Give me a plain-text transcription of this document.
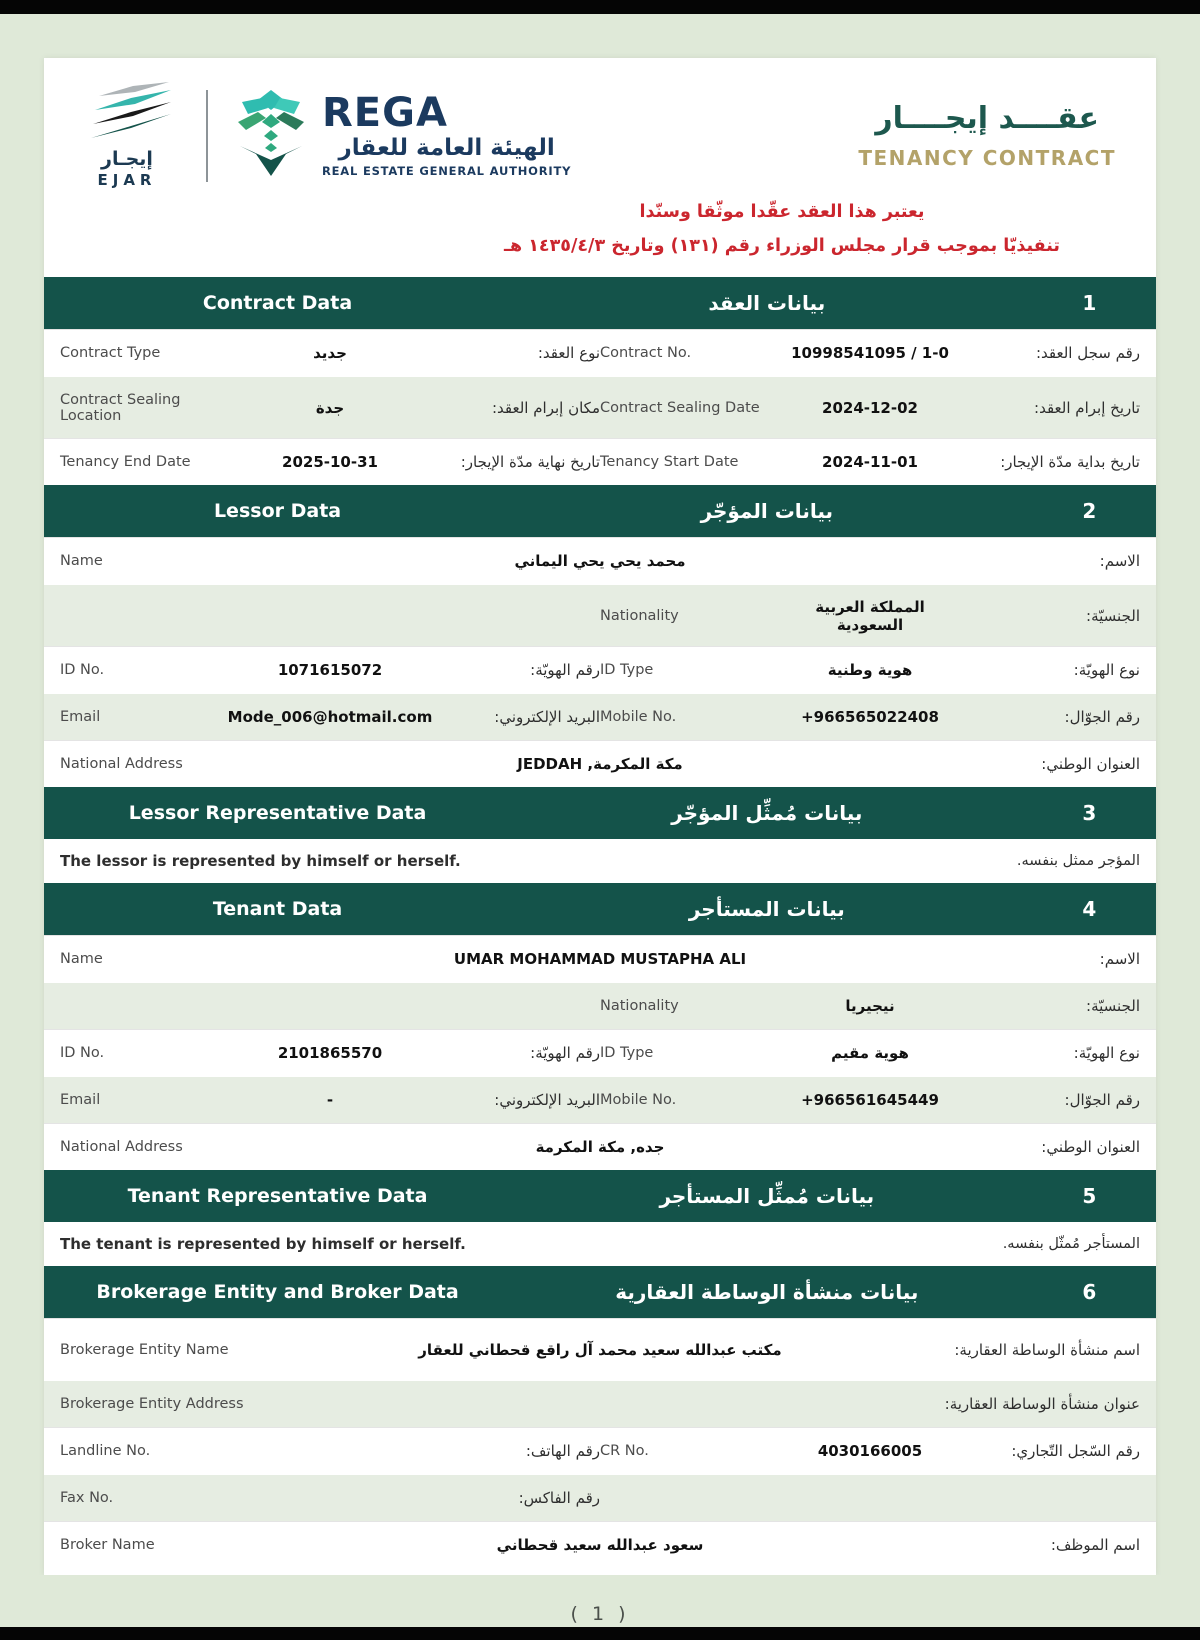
إيجـار
EJAR
REGA
الهيئة العامة للعقار
REAL ESTATE GENERAL AUTHORITY
عقــــد إيجــــار
TENANCY CONTRACT
يعتبر هذا العقد عقّدا موثّقا وسنّدا
تنفيذيّا بموجب قرار مجلس الوزراء رقم (١٣١) وتاريخ ١٤٣٥/٤/٣ هـ
1
بيانات العقد
Contract Data
رقم سجل العقد:
10998541095 / 1-0
Contract No.
نوع العقد:
جديد
Contract Type
تاريخ إبرام العقد:
2024-12-02
Contract Sealing Date
مكان إبرام العقد:
جدة
Contract Sealing Location
تاريخ بداية مدّة الإيجار:
2024-11-01
Tenancy Start Date
تاريخ نهاية مدّة الإيجار:
2025-10-31
Tenancy End Date
2
بيانات المؤجّر
Lessor Data
الاسم:
محمد يحي يحي اليماني
Name
الجنسيّة:
المملكة العربية السعودية
Nationality
نوع الهويّة:
هوية وطنية
ID Type
رقم الهويّة:
1071615072
ID No.
رقم الجوّال:
+966565022408
Mobile No.
البريد الإلكتروني:
Mode_006@hotmail.com
Email
العنوان الوطني:
مكة المكرمة, JEDDAH
National Address
3
بيانات مُمثِّل المؤجّر
Lessor Representative Data
المؤجر ممثل بنفسه.
The lessor is represented by himself or herself.
4
بيانات المستأجر
Tenant Data
الاسم:
UMAR MOHAMMAD MUSTAPHA ALI
Name
الجنسيّة:
نيجيريا
Nationality
نوع الهويّة:
هوية مقيم
ID Type
رقم الهويّة:
2101865570
ID No.
رقم الجوّال:
+966561645449
Mobile No.
البريد الإلكتروني:
-
Email
العنوان الوطني:
جده, مكة المكرمة
National Address
5
بيانات مُمثِّل المستأجر
Tenant Representative Data
المستأجر مُمثّل بنفسه.
The tenant is represented by himself or herself.
6
بيانات منشأة الوساطة العقارية
Brokerage Entity and Broker Data
اسم منشأة الوساطة العقارية:
مكتب عبدالله سعيد محمد آل راقع قحطاني للعقار
Brokerage Entity Name
عنوان منشأة الوساطة العقارية:
Brokerage Entity Address
رقم السّجل التّجاري:
4030166005
CR No.
رقم الهاتف:
Landline No.
رقم الفاكس:
Fax No.
اسم الموظف:
سعود عبدالله سعيد قحطاني
Broker Name
( 1 )
